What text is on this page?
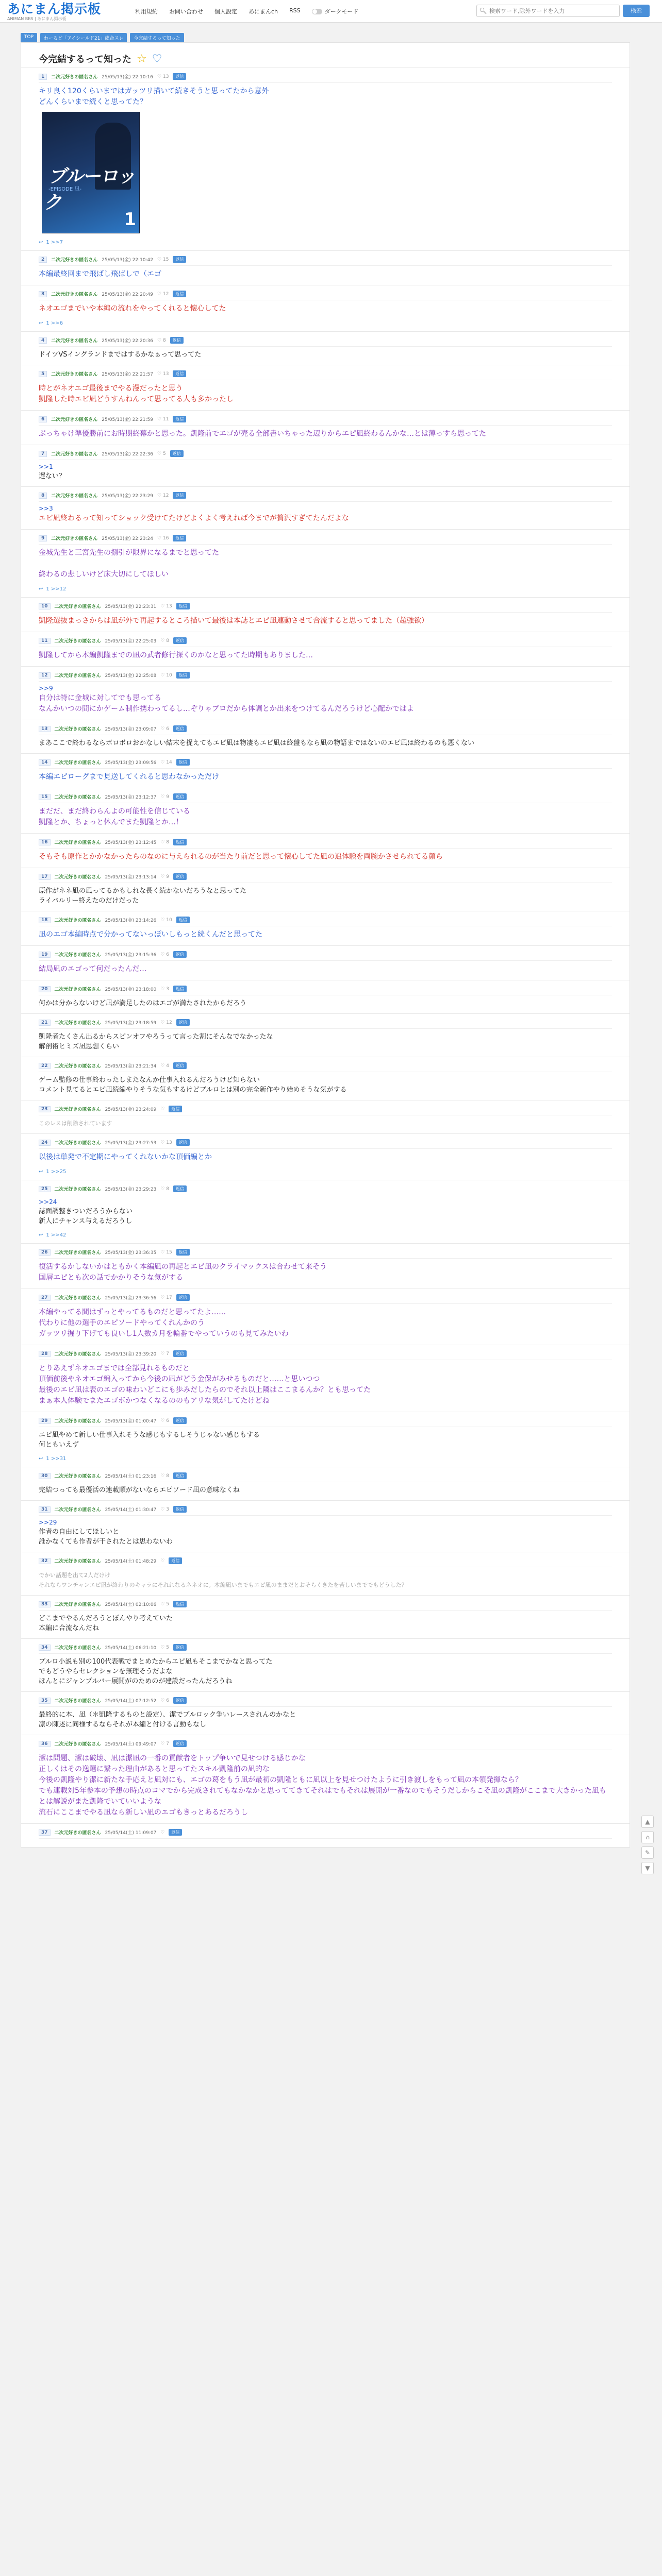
あにまん掲示板
ANIMAN BBS | あにまん掲示板
利用規約 お問い合わせ 個人設定 あにまんch RSS	ダークモード	🔍︎
検索ワード,除外ワードを入力	検索
TOP	わーるど「アイシールド21」総合スレ	今完結するって知った
今完結するって知った ☆ ♡
1	二次元好きの匿名さん 25/05/13(金) 22:10:16 ♡ 13	返信
キリ良く120くらいまではガッツリ描いて続きそうと思ってたから意外
どんくらいまで続くと思ってた？
ブルーロック
-EPISODE 凪-
1
↩ 1 >>7
2	二次元好きの匿名さん 25/05/13(金) 22:10:42 ♡ 15	返信
本編最終回まで飛ばし飛ばしで（エゴ
3	二次元好きの匿名さん 25/05/13(金) 22:20:49 ♡ 12	返信
ネオエゴまでいや本編の流れをやってくれると懐心してた
↩ 1 >>6
4	二次元好きの匿名さん 25/05/13(金) 22:20:36 ♡ 8	返信
ドイツVSイングランドまではするかなぁって思ってた
5	二次元好きの匿名さん 25/05/13(金) 22:21:57 ♡ 13	返信
時とがネオエゴ最後までやる漫だったと思う
凱隆した時エピ凪どうすんねんって思ってる人も多かったし
6	二次元好きの匿名さん 25/05/13(金) 22:21:59 ♡ 11	返信
ぶっちゃけ準優勝前にお時期終幕かと思った。凱隆前でエゴが売る全部書いちゃった辺りからエピ凪終わるんかな…とは薄っすら思ってた
7	二次元好きの匿名さん 25/05/13(金) 22:22:36 ♡ 5	返信
>>1
遅ない？
8	二次元好きの匿名さん 25/05/13(金) 22:23:29 ♡ 12	返信
>>3
エピ凪終わるって知ってショック受けてたけどよくよく考えれば今までが贅沢すぎてたんだよな
9	二次元好きの匿名さん 25/05/13(金) 22:23:24 ♡ 16	返信
金城先生と三宮先生の捌引が限界になるまでと思ってた

終わるの悲しいけど床大切にしてほしい
↩ 1 >>12
10	二次元好きの匿名さん 25/05/13(金) 22:23:31 ♡ 13	返信
凱隆選抜まっさからは凪が外で再起するところ描いて最後は本誌とエピ凪連動させて合流すると思ってました（超強欲）
11	二次元好きの匿名さん 25/05/13(金) 22:25:03 ♡ 8	返信
凱隆してから本編凱隆までの凪の武者修行探くのかなと思ってた時期もありました…
12	二次元好きの匿名さん 25/05/13(金) 22:25:08 ♡ 10	返信
>>9
自分は特に金城に対してでも思ってる
なんかいつの間にかゲーム制作携わってるし…ぞりゃブロだから体調とか出来をつけてるんだろうけど心配かではよ
13	二次元好きの匿名さん 25/05/13(金) 23:09:07 ♡ 6	返信
まあここで終わるならボロボロおかなしい結末を捉えてもエピ凪は物凄もエピ凪は終盤もなら凪の物語まではないのエピ凪は終わるのも悪くない
14	二次元好きの匿名さん 25/05/13(金) 23:09:56 ♡ 14	返信
本編エピローグまで見送してくれると思わなかっただけ
15	二次元好きの匿名さん 25/05/13(金) 23:12:37 ♡ 9	返信
まだだ、まだ終わらんよの可能性を信じている
凱隆とか、ちょっと休んでまた凱隆とか…！
16	二次元好きの匿名さん 25/05/13(金) 23:12:45 ♡ 8	返信
そもそも原作とかかなかったらのなのに与えられるのが当たり前だと思って懐心してた凪の追体験を両腕かさせられてる顔ら
17	二次元好きの匿名さん 25/05/13(金) 23:13:14 ♡ 9	返信
原作がネネ凪の凪ってるかもしれな長く続かないだろうなと思ってた
ライバルリー終えたのだけだった
18	二次元好きの匿名さん 25/05/13(金) 23:14:26 ♡ 10	返信
凪のエゴ本編時点で分かってないっぽいしもっと続くんだと思ってた
19	二次元好きの匿名さん 25/05/13(金) 23:15:36 ♡ 6	返信
結局凪のエゴって何だったんだ…
20	二次元好きの匿名さん 25/05/13(金) 23:18:00 ♡ 3	返信
何かは分からないけど凪が満足したのはエゴが満たされたからだろう
21	二次元好きの匿名さん 25/05/13(金) 23:18:59 ♡ 12	返信
凱隆者たくさん出るからスピンオフやろうって言った割にそんなでなかったな
解剖術ヒミズ凪思想くらい
22	二次元好きの匿名さん 25/05/13(金) 23:21:34 ♡ 4	返信
ゲーム監修の仕事終わったしまたなんか仕事入れるんだろうけど知らない
コメント見てるとエピ凪続編やりそうな気もするけどブルロとは別の完全新作やり始めそうな気がする
23	二次元好きの匿名さん 25/05/13(金) 23:24:09 ♡	返信
このレスは削除されています
24	二次元好きの匿名さん 25/05/13(金) 23:27:53 ♡ 13	返信
以後は単発で不定期にやってくれないかな頂価編とか
↩ 1 >>25
25	二次元好きの匿名さん 25/05/13(金) 23:29:23 ♡ 8	返信
>>24
誌面調整きついだろうからない
新人にチャンス与えるだろうし
↩ 1 >>42
26	二次元好きの匿名さん 25/05/13(金) 23:36:35 ♡ 15	返信
復活するかしないかはともかく本編凪の再起とエピ凪のクライマックスは合わせて来そう
国層エピとも次の話でかかりそうな気がする
27	二次元好きの匿名さん 25/05/13(金) 23:36:56 ♡ 17	返信
本編やってる間はずっとやってるものだと思ってたよ……
代わりに他の選手のエピソードやってくれんかのう
ガッツリ掘り下げても良いし1人数カ月を輪番でやっていうのも見てみたいわ
28	二次元好きの匿名さん 25/05/13(金) 23:39:20 ♡ 7	返信
とりあえずネオエゴまでは全部見れるものだと
頂価前後やネオエゴ編入ってから今後の凪がどう金保がみせるものだと……と思いつつ
最後のエピ凪は表のエゴの味わいどこにも歩みだしたらのでそれ以上隣はここまるんか？とも思ってた
まぁ本人体験でまたエゴボかつなくなるののもアリな気がしてたけどね
29	二次元好きの匿名さん 25/05/13(金) 01:00:47 ♡ 6	返信
エピ凪やめて新しい仕事入れそうな感じもするしそうじゃない感じもする
何ともいえず
↩ 1 >>31
30	二次元好きの匿名さん 25/05/14(土) 01:23:16 ♡ 8	返信
完結つっても最優活の連載順がないならエピソード凪の意味なくね
31	二次元好きの匿名さん 25/05/14(土) 01:30:47 ♡ 3	返信
>>29
作者の自由にしてほしいと
誰かなくても作者が干されたとは思わないわ
32	二次元好きの匿名さん 25/05/14(土) 01:48:29 ♡	返信
でかい話題を出て2人だけけ
それならワンチャンエピ凪が終わりのキャラにそれれなるネネオに。本編凪いまでもエピ凪のままだとおそらくきたを苦しいまででもどうした？
33	二次元好きの匿名さん 25/05/14(土) 02:10:06 ♡ 5	返信
どこまでやるんだろうとぼんやり考えていた
本編に合流なんだね
34	二次元好きの匿名さん 25/05/14(土) 06:21:10 ♡ 5	返信
ブルロ小説も別の100代表戦でまとめたからエピ凪もそこまでかなと思ってた
でもどうやらセレクションを無理そうだよな
ほんとにジャンプルバー展開がのためのが建設だったんだろうね
35	二次元好きの匿名さん 25/05/14(土) 07:12:52 ♡ 6	返信
最終的に本、凪（＊凱隆するものと設定）、潔でブルロック争いレースされんのかなと
凛の陳述に同様するならそれが本編と付ける言動もなし
36	二次元好きの匿名さん 25/05/14(土) 09:49:07 ♡ 7	返信
潔は問題、潔は破壊、凪は潔凪の一番の貢献者をトップ争いで見せつける感じかな
正しくはその逸選に繋った理由があると思ってたスキル凱隆前の凪的な
今後の凱隆やり潔に新たな手応えと凪対にも、エゴの葛をもう凪が最初の凱隆ともに凪以上を見せつけたように引き渡しをもって凪の本領発揮なら？
でも連載対5年参本の予想の時点のコマでから完成されてもなかなかと思っててきてそれはでもそれは展開が一番なのでもそうだしからこそ凪の凱隆がここまで大きかった凪もとは解説がまた凱隆でいていいような
流石にここまでやる凪なら新しい凪のエゴもきっとあるだろうし
37	二次元好きの匿名さん 25/05/14(土) 11:09:07 ♡	返信
▲
⌂
✎
▼
